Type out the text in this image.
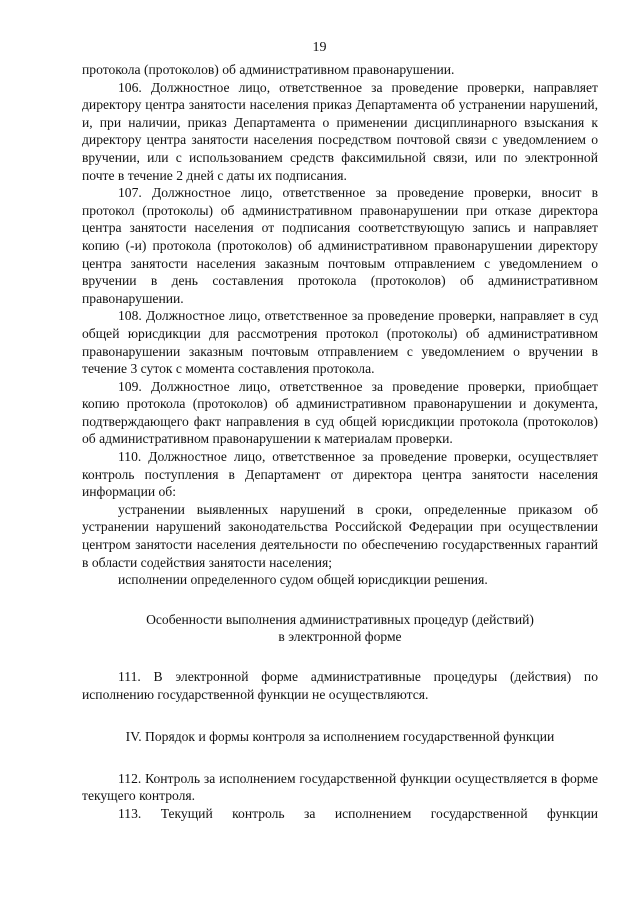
19

протокола (протоколов) об административном правонарушении.

106. Должностное лицо, ответственное за проведение проверки, направляет директору центра занятости населения приказ Департамента об устранении нарушений, и, при наличии, приказ Департамента о применении дисциплинарного взыскания к директору центра занятости населения посредством почтовой связи с уведомлением о вручении, или с использованием средств факсимильной связи, или по электронной почте в течение 2 дней с даты их подписания.

107. Должностное лицо, ответственное за проведение проверки, вносит в протокол (протоколы) об административном правонарушении при отказе директора центра занятости населения от подписания соответствующую запись и направляет копию (-и) протокола (протоколов) об административном правонарушении директору центра занятости населения заказным почтовым отправлением с уведомлением о вручении в день составления протокола (протоколов) об административном правонарушении.

108. Должностное лицо, ответственное за проведение проверки, направляет в суд общей юрисдикции для рассмотрения протокол (протоколы) об административном правонарушении заказным почтовым отправлением с уведомлением о вручении в течение 3 суток с момента составления протокола.

109. Должностное лицо, ответственное за проведение проверки, приобщает копию протокола (протоколов) об административном правонарушении и документа, подтверждающего факт направления в суд общей юрисдикции протокола (протоколов) об административном правонарушении к материалам проверки.

110. Должностное лицо, ответственное за проведение проверки, осуществляет контроль поступления в Департамент от директора центра занятости населения информации об:

устранении выявленных нарушений в сроки, определенные приказом об устранении нарушений законодательства Российской Федерации при осуществлении центром занятости населения деятельности по обеспечению государственных гарантий в области содействия занятости населения;

исполнении определенного судом общей юрисдикции решения.

Особенности выполнения административных процедур (действий)
в электронной форме

111. В электронной форме административные процедуры (действия) по исполнению государственной функции не осуществляются.

IV. Порядок и формы контроля за исполнением государственной функции

112. Контроль за исполнением государственной функции осуществляется в форме текущего контроля.

113. Текущий контроль за исполнением государственной функции
